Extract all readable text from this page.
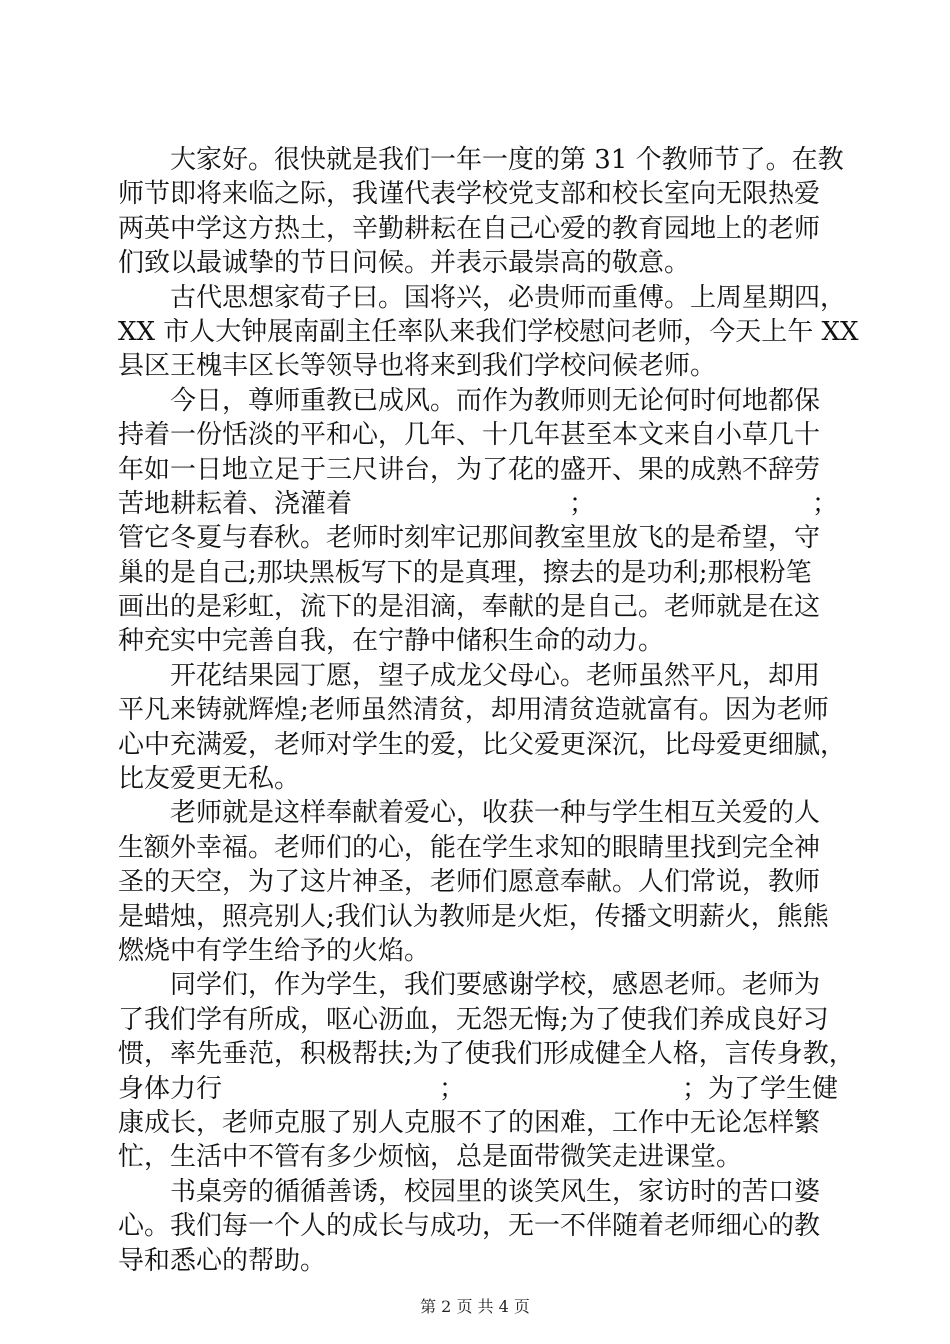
　　大家好。很快就是我们一年一度的第 31 个教师节了。在教
师节即将来临之际，我谨代表学校党支部和校长室向无限热爱
两英中学这方热土，辛勤耕耘在自己心爱的教育园地上的老师
们致以最诚挚的节日问候。并表示最崇高的敬意。
　　古代思想家荀子曰。国将兴，必贵师而重傅。上周星期四，
XX 市人大钟展南副主任率队来我们学校慰问老师，今天上午 XX
县区王槐丰区长等领导也将来到我们学校问候老师。
　　今日，尊师重教已成风。而作为教师则无论何时何地都保
持着一份恬淡的平和心，几年、十几年甚至本文来自小草几十
年如一日地立足于三尺讲台，为了花的盛开、果的成熟不辞劳
苦地耕耘着、浇灌着	；	；
管它冬夏与春秋。老师时刻牢记那间教室里放飞的是希望，守
巢的是自己;那块黑板写下的是真理，擦去的是功利;那根粉笔
画出的是彩虹，流下的是泪滴，奉献的是自己。老师就是在这
种充实中完善自我，在宁静中储积生命的动力。
　　开花结果园丁愿，望子成龙父母心。老师虽然平凡，却用
平凡来铸就辉煌;老师虽然清贫，却用清贫造就富有。因为老师
心中充满爱，老师对学生的爱，比父爱更深沉，比母爱更细腻，
比友爱更无私。
　　老师就是这样奉献着爱心，收获一种与学生相互关爱的人
生额外幸福。老师们的心，能在学生求知的眼睛里找到完全神
圣的天空，为了这片神圣，老师们愿意奉献。人们常说，教师
是蜡烛，照亮别人;我们认为教师是火炬，传播文明薪火，熊熊
燃烧中有学生给予的火焰。
　　同学们，作为学生，我们要感谢学校，感恩老师。老师为
了我们学有所成，呕心沥血，无怨无悔;为了使我们养成良好习
惯，率先垂范，积极帮扶;为了使我们形成健全人格，言传身教，
身体力行	；	；为了学生健
康成长，老师克服了别人克服不了的困难，工作中无论怎样繁
忙，生活中不管有多少烦恼，总是面带微笑走进课堂。
　　书桌旁的循循善诱，校园里的谈笑风生，家访时的苦口婆
心。我们每一个人的成长与成功，无一不伴随着老师细心的教
导和悉心的帮助。
第 2 页 共 4 页
